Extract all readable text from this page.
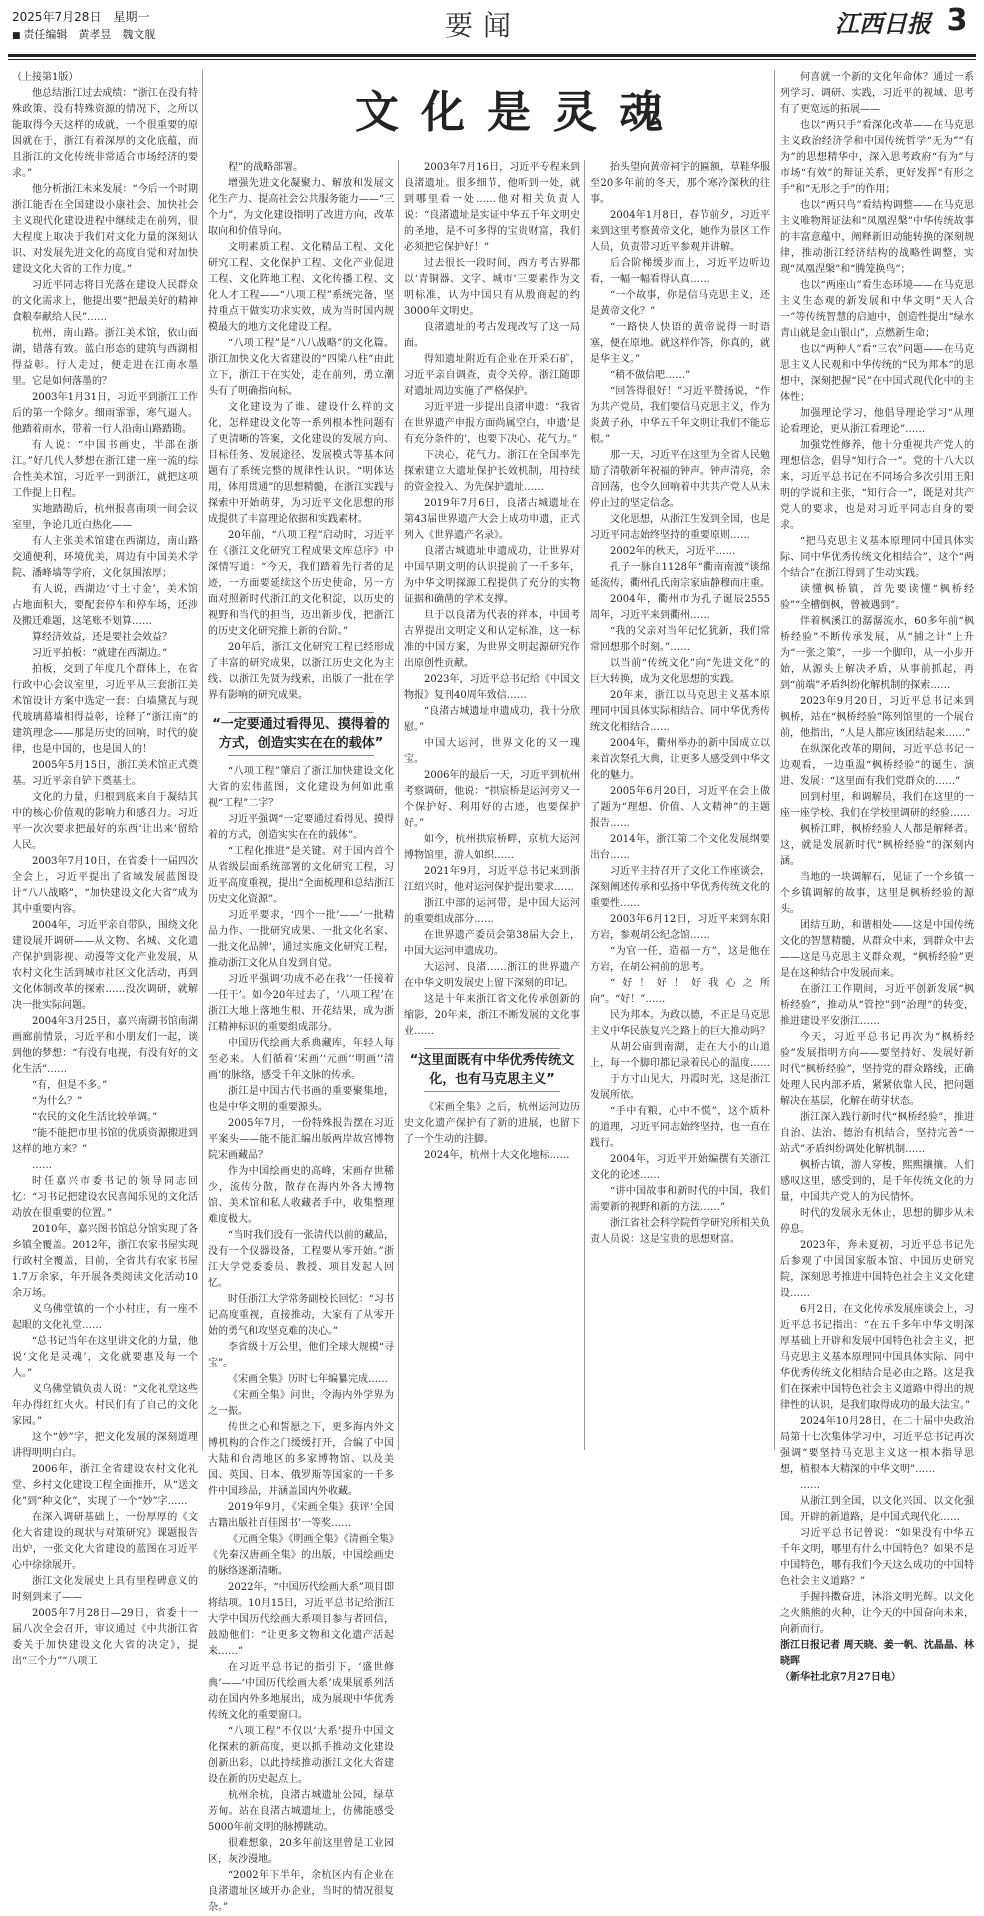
2025年7月28日　星期一
■ 责任编辑　黄孝昱　魏文舰	要闻	江西日报 3
文化是灵魂

（上接第1版）

他总结浙江过去成绩：“浙江在没有特殊政策、没有特殊资源的情况下，之所以能取得今天这样的成就，一个很重要的原因就在于，浙江有着深厚的文化底蕴，而且浙江的文化传统非常适合市场经济的要求。”

他分析浙江未来发展：“今后一个时期浙江能否在全国建设小康社会、加快社会主义现代化建设进程中继续走在前列，很大程度上取决于我们对文化力量的深刻认识、对发展先进文化的高度自觉和对加快建设文化大省的工作力度。”

习近平同志将目光落在建设人民群众的文化需求上，他提出要“把最美好的精神食粮奉献给人民”……

杭州，南山路。浙江美术馆，依山面湖，错落有致。蓝白形态的建筑与西湖相得益彰。行人走过，便走进在江南水墨里。它是如何落墨的？

2003年1月31日，习近平到浙江工作后的第一个除夕。细雨霏霏，寒气逼人。他踏着雨水，带着一行人沿南山路踏勘。

有人说：“中国书画史，半部在浙江。”好几代人梦想在浙江建一座一流的综合性美术馆，习近平一到浙江，就把这项工作提上日程。

实地踏勘后，杭州报喜南项一间会议室里，争论几近白热化——

有人主张美术馆建在西湖边，南山路交通便利，环境优美，周边有中国美术学院、潘峰墙等学府，文化氛围浓厚；

有人说，西湖边‘寸土寸金’，美术馆占地面积大，要配套停车和停车场，还涉及搬迁难题，这笔账不划算……

算经济效益，还是要社会效益？

习近平拍板：“就建在西湖边。”

拍板，交到了年度几个群体上，在省行政中心会议室里，习近平从三套浙江美术馆设计方案中选定一套：白墙黛瓦与现代玻璃幕墙相得益彰，诠释了“浙江南”的建筑理念——那是历史的回响，时代的旋律，也是中国的，也是国人的！

2005年5月15日，浙江美术馆正式奠基。习近平亲自铲下奠基土。

文化的力量，归根到底来自于凝结其中的核心价值观的影响力和感召力。习近平一次次要求把最好的东西‘让出来’留给人民。

2003年7月10日，在省委十一届四次全会上，习近平提出了省域发展蓝图设计“八八战略”，“加快建设文化大省”成为其中重要内容。

2004年，习近平亲自带队，围绕文化建设展开调研——从文物、名城、文化遗产保护到影视、动漫等文化产业发展，从农村文化生活到城市社区文化活动，再到文化体制改革的探索……没次调研，就解决一批实际问题。

2004年3月25日，嘉兴南湖书馆南湖画廊前情景，习近平和小朋友们一起，谈到他的梦想：“有没有电视，有没有好的文化生活”……

“有，但是不多。”

“为什么？”

“农民的文化生活比较单调。”

“能不能把市里书馆的优质资源搬进到这样的地方来？”

……

时任嘉兴市委书记的领导同志回忆：“习书记把建设农民喜闻乐见的文化活动放在很重要的位置。”

2010年，嘉兴图书馆总分馆实现了各乡镇全覆盖。2012年，浙江农家书屋实现行政村全覆盖，目前，全省共有农家书屋1.7万余家，年开展各类阅读文化活动10余万场。

义乌佛堂镇的一个小村庄，有一座不起眼的文化礼堂……

“总书记当年在这里讲文化的力量，他说‘文化是灵魂’，文化就要惠及每一个人。”

义乌佛堂镇负责人说：“文化礼堂这些年办得红红火火。村民们有了自己的文化家园。”

这个“妙”字，把文化发展的深刻道理讲得明明白白。

2006年，浙江全省建设农村文化礼堂、乡村文化建设工程全面推开，从“送文化”到“种文化”，实现了一个“妙”字……

在深入调研基础上，一份厚厚的《文化大省建设的现状与对策研究》课题报告出炉，一张文化大省建设的蓝图在习近平心中徐徐展开。

浙江文化发展史上具有里程碑意义的时刻到来了——

2005年7月28日—29日，省委十一届八次全会召开，审议通过《中共浙江省委关于加快建设文化大省的决定》，提出“三个力”“八项工

程”的战略部署。

增强先进文化凝聚力、解放和发展文化生产力、提高社会公共服务能力——“三个力”，为文化建设指明了改进方向，改革取向和价值导向。

文明素质工程、文化精品工程、文化研究工程、文化保护工程、文化产业促进工程、文化阵地工程、文化传播工程、文化人才工程——“八项工程”系统完备，坚持重点干做实功求实效，成为当时国内规模最大的地方文化建设工程。

“八项工程”是“八八战略”的文化篇。浙江加快文化大省建设的“四梁八柱”由此立下，浙江干在实处，走在前列，勇立潮头有了明确指向标。

文化建设为了谁、建设什么样的文化，怎样建设文化等一系列根本性问题有了更清晰的答案，文化建设的发展方向、目标任务、发展途径、发展模式等基本问题有了系统完整的规律性认识。“明体达用，体用贯通”的思想精髓，在浙江实践与探索中开始萌芽，为习近平文化思想的形成提供了丰富理论依据和实践素材。

20年前，“八项工程”启动时，习近平在《浙江文化研究工程成果文库总序》中深情写道：“今天，我们踏着先行者的足迹，一方面要延续这个历史使命，另一方面对照新时代浙江的文化积淀，以历史的视野和当代的担当，迈出新步伐，把浙江的历史文化研究推上新的台阶。”

20年后，浙江文化研究工程已经形成了丰富的研究成果，以浙江历史文化为主线、以浙江先贤为线索，出版了一批在学界有影响的研究成果。

“一定要通过看得见、摸得着的方式，创造实实在在的载体”

“八项工程”肇启了浙江加快建设文化大省的宏伟蓝图，文化建设为何如此重视“工程”二字？

习近平强调“一定要通过看得见、摸得着的方式，创造实实在在的载体”。

“工程化推进”是关键。对于国内首个从省级层面系统部署的文化研究工程，习近平高度重视，提出“全面梳理和总结浙江历史文化资源”。

习近平要求，‘四个一批’——‘一批精品力作、一批研究成果、一批文化名家、一批文化品牌’，通过实施文化研究工程，推动浙江文化从自发到自觉。

习近平强调‘功成不必在我’‘一任接着一任干’。如今20年过去了，‘八项工程’在浙江大地上落地生根、开花结果，成为浙江精神标识的重要组成部分。

中国历代绘画大系典藏库，年轻人每至必来。人们循着‘宋画’‘元画’‘明画’‘清画’的脉络，感受千年文脉的传承。

浙江是中国古代书画的重要聚集地，也是中华文明的重要源头。

2005年7月，一份特殊报告摆在习近平案头——能不能汇编出版两岸故宫博物院宋画藏品？

作为中国绘画史的高峰，宋画存世稀少，流传分散，散存在海内外各大博物馆、美术馆和私人收藏者手中，收集整理难度极大。

“当时我们没有一张清代以前的藏品，没有一个仪器设备，工程要从零开始。”浙江大学党委委员、教授、项目发起人回忆。

时任浙江大学常务副校长回忆：“习书记高度重视，直接推动，大家有了从零开始的勇气和攻坚克难的决心。”

李省级十万公里，他们全球大规模“寻宝”。

《宋画全集》历时七年编纂完成……

《宋画全集》问世，令海内外学界为之一振。

传世之心和誓愿之下，更多海内外文博机构的合作之门缓缓打开，合编了中国大陆和台湾地区的多家博物馆、以及美国、英国、日本、俄罗斯等国家的一千多件中国珍品，并涵盖国内外收藏。

2019年9月，《宋画全集》获评‘全国古籍出版社百佳图书’一等奖……

《元画全集》《明画全集》《清画全集》《先秦汉唐画全集》的出版，中国绘画史的脉络逐渐清晰。

2022年，“中国历代绘画大系”项目即将结项。10月15日，习近平总书记给浙江大学中国历代绘画大系项目参与者回信，鼓励他们：“让更多文物和文化遗产活起来……”

在习近平总书记的指引下，‘盛世修典’——‘中国历代绘画大系’成果展系列活动在国内外多地展出，成为展现中华优秀传统文化的重要窗口。

“八项工程”不仅以‘大系’提升中国文化探索的新高度，更以抓手推动文化建设创新出彩，以此持续推动浙江文化大省建设在新的历史起点上。

杭州余杭，良渚古城遗址公园，绿草芳甸。站在良渚古城遗址上，仿佛能感受5000年前文明的脉搏跳动。

很难想象，20多年前这里曾是工业园区，灰沙漫地。

“2002年下半年，余杭区内有企业在良渚遗址区域开办企业，当时的情况很复杂。”

2003年7月16日，习近平专程来到良渚遗址。很多细节，他听到一处，就到哪里看一处……他对相关负责人说：“良渚遗址是实证中华五千年文明史的圣地，是不可多得的宝贵财富，我们必须把它保护好！”

过去很长一段时间，西方考古界都以‘青铜器、文字、城市’三要素作为文明标准，认为中国只有从殷商起的约3000年文明史。

良渚遗址的考古发现改写了这一局面。

得知遗址附近有企业在开采石矿，习近平亲自调查，责令关停。浙江随即对遗址周边实施了严格保护。

习近平进一步提出良渚申遗：“我省在世界遗产申报方面尚属空白，申遗‘是有充分条件的’，也要下决心、花气力。”

下决心，花气力。浙江在全国率先探索建立大遗址保护长效机制，用持续的资金投入、为先保护遗址……

2019年7月6日，良渚古城遗址在第43届世界遗产大会上成功申遗，正式列入《世界遗产名录》。

良渚古城遗址申遗成功，让世界对中国早期文明的认识提前了一千多年，为中华文明探源工程提供了充分的实物证据和确凿的学术支撑。

旦于以良渚为代表的祥本，中国考古界提出文明定义和认定标准，这一标准的中国方案，为世界文明起源研究作出原创性贡献。

2023年，习近平总书记给《中国文物报》复刊40周年致信……

“良渚古城遗址申遗成功，我十分欣慰。”

中国大运河，世界文化的又一瑰宝。

2006年的最后一天，习近平到杭州考察调研，他说：“拱宸桥是运河旁又一个保护好、利用好的古迹，也要保护好。”

如今，杭州拱宸桥畔，京杭大运河博物馆里，游人如织……

2021年9月，习近平总书记来到浙江绍兴时，他对运河保护提出要求……

浙江中部的运河带，是中国大运河的重要组成部分……

在世界遗产委员会第38届大会上，中国大运河申遗成功。

大运河、良渚……浙江的世界遗产在中华文明发展史上留下深刻的印记。

这是十年来浙江省文化传承创新的缩影，20年来，浙江不断发展的文化事业……

“这里面既有中华优秀传统文化，也有马克思主义”

《宋画全集》之后，杭州运河边历史文化遗产保护有了新的进展，也留下了一个生动的注脚。

2024年，杭州十大文化地标……

抬头望向黄帝祠宇的匾额，草鞋华服至20多年前的冬天，那个寒冷深秋的往事。

2004年1月8日，春节前夕，习近平来到这里考察黄帝文化，她作为景区工作人员，负责带习近平参观并讲解。

后合阶梯缓步而上，习近平边听边看，一幅一幅看得认真……

“一个故事，你是信马克思主义，还是黄帝文化？”

“一路快人快语的黄帝说得一时语塞，便在原地。就这样作答，你真的，就是华主义。”

“稍不做信吧……”

“回答得很好！”习近平赞扬说，“作为共产党员，我们要信马克思主义，作为炎黄子孙，中华五千年文明让我们不能忘根。”

那一天，习近平在这里为全省人民勉励了清敬新年祝福的钟声。钟声清亮，余音回荡，也令久回响着中共共产党人从未停止过的坚定信念。

文化思想，从浙江生发到全国，也是习近平同志始终坚持的重要原则……

2002年的秋天，习近平……

孔子一脉自1128年“衢南南渡”谈绵延流传，衢州孔氏南宗家庙静穆而庄重。

2004年，衢州市为孔子诞辰2555周年，习近平来到衢州……

“我的父亲对当年记忆犹新，我们常常回想那个时刻。”……

以当前“传统文化”向“先进文化”的巨大转换，成为文化思想的实践。

20年来，浙江以马克思主义基本原理同中国具体实际相结合、同中华优秀传统文化相结合……

2004年，衢州举办的新中国成立以来首次祭孔大典，让更多人感受到中华文化的魅力。

2005年6月20日，习近平在会上做了题为“理想、价值、人文精神”的主题报告……

2014年，浙江第二个文化发展纲要出台……

习近平主持召开了文化工作座谈会，深刻阐述传承和弘扬中华优秀传统文化的重要性……

2003年6月12日，习近平来到东阳方岩，参观胡公纪念馆……

“为官一任，造福一方”，这是他在方岩，在胡公祠前的思考。

“好！好！好我心之所向”。“好！”……

民为邦本。为政以德，不正是马克思主义中华民族复兴之路上的巨大推动吗？

从胡公庙到南湖，走在大小的山道上，每一个脚印都记录着民心的温度……

于方寸山见大，丹霞时光，这是浙江发展所依。

“手中有粮，心中不慌”，这个质朴的道理，习近平同志始终坚持，也一直在践行。

2004年，习近平开始编撰有关浙江文化的论述……

“讲中国故事和新时代的中国，我们需要新的视野和新的方法……”

浙江省社会科学院哲学研究所相关负责人员说：这是宝贵的思想财富。

何喜就一个新的文化年命体？通过一系列学习、调研、实践，习近平的视域、思考有了更宽远的拓展——

也以“两只手”看深化改革——在马克思主义政治经济学和中国传统哲学“无为”“有为”的思想精华中，深入思考政府“有为”与市场“有效”的辩证关系，更好发挥“有形之手”和“无形之手”的作用；

也以“两只鸟”看结构调整——在马克思主义唯物辩证法和“凤凰涅槃”中华传统故事的丰富意蕴中，阐释新旧动能转换的深刻规律，推动浙江经济结构的战略性调整，实现“凤凰涅槃”和“腾笼换鸟”；

也以“两座山”看生态环境——在马克思主义生态观的新发展和中华文明“天人合一”等传统智慧的启迪中，创造性提出“绿水青山就是金山银山”，点燃新生命；

也以“两种人”看“三农”问题——在马克思主义人民观和中华传统的“民为邦本”的思想中，深刻把握“民”在中国式现代化中的主体性；

加强理论学习，他倡导理论学习“从理论看理论，更从浙江看理论”……

加强党性修养，他十分重视共产党人的理想信念，倡导“知行合一”。党的十八大以来，习近平总书记在不同场合多次引用王阳明的学说和主张，“知行合一”，既是对共产党人的要求，也是对习近平同志自身的要求。

“把马克思主义基本原理同中国具体实际、同中华优秀传统文化相结合”，这个“两个结合”在浙江得到了生动实践。

读懂枫桥镇，首先要读懂“枫桥经验”“全槽倒枫，曾被遇到”。

伴着枫溪江的潺潺流水，60多年前“枫桥经验”不断传承发展，从“捕之计”上升为“一张之策”，一步一个脚印，从一小步开始，从源头上解决矛盾，从事前抓起，再到“前端”矛盾纠纷化解机制的探索……

2023年9月20日，习近平总书记来到枫桥，站在“枫桥经验”陈列馆里的一个展台前，他指出，“人是人都应该团结起来……”

在纵深化改革的期间，习近平总书记一边观看，一边重温“枫桥经验”的诞生、演进、发展：“这里面有我们党群众的……”

回到村里，和调解员，我们在这里的一座一座学校、我们在学校里调研的经验……

枫桥江畔，枫桥经验人人都是解释者。这，就是发展新时代“枫桥经验”的深刻内涵。

当地的一块调解石，见证了一个乡镇一个乡镇调解的故事，这里是枫桥经验的源头。

团结互助，和谐相处——这是中国传统文化的智慧精髓，从群众中来，到群众中去——这是马克思主义群众观，“枫桥经验”更是在这种结合中发展而来。

在浙江工作期间，习近平创新发展“枫桥经验”，推动从“管控”到“治理”的转变，推进建设平安浙江……

今天，习近平总书记再次为“枫桥经验”发展指明方向——要坚持好、发展好新时代“枫桥经验”，坚持党的群众路线，正确处理人民内部矛盾，紧紧依靠人民，把问题解决在基层，化解在萌芽状态。

浙江深入践行新时代“枫桥经验”，推进自治、法治、德治有机结合，坚持完善“一站式”矛盾纠纷调处化解机制……

枫桥古镇，游人穿梭，熙熙攘攘。人们感叹这里，感受到的，是千年传统文化的力量，中国共产党人的为民情怀。

时代的发展永无休止，思想的脚步从未停息。

2023年，奔未夏初，习近平总书记先后参观了中国国家版本馆、中国历史研究院，深刻思考推进中国特色社会主义文化建设……

6月2日，在文化传承发展座谈会上，习近平总书记指出：“在五千多年中华文明深厚基础上开辟和发展中国特色社会主义，把马克思主义基本原理同中国具体实际、同中华优秀传统文化相结合是必由之路。这是我们在探索中国特色社会主义道路中得出的规律性的认识，是我们取得成功的最大法宝。”

2024年10月28日，在二十届中央政治局第十七次集体学习中，习近平总书记再次强调“要坚持马克思主义这一根本指导思想，植根本大精深的中华文明”……

……

从浙江到全国，以文化兴国、以文化强国。开辟的新道路，是中国式现代化……

习近平总书记曾说：“如果没有中华五千年文明，哪里有什么中国特色？如果不是中国特色，哪有我们今天这么成功的中国特色社会主义道路？”

手握抖擞奋进，沐浴文明光辉。以文化之火熊熊的火种，让今天的中国奋向未来，向新而行。

浙江日报记者 周天晓、姜一帆、沈晶晶、林晓晖

（新华社北京7月27日电）
